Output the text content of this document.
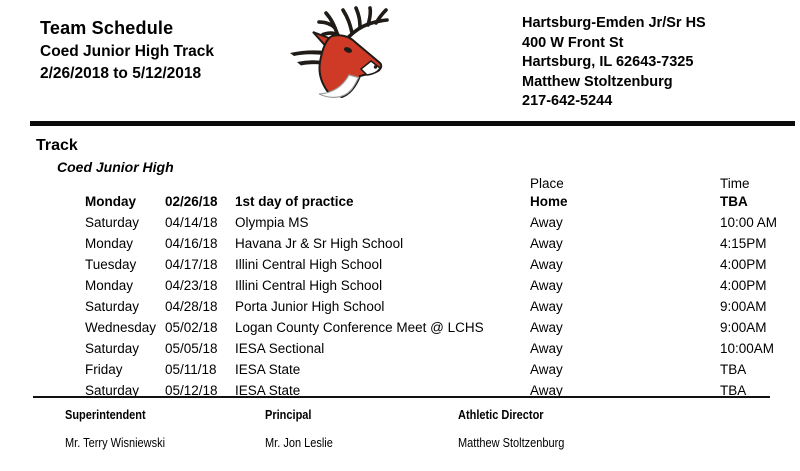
Team Schedule
Coed Junior High Track
2/26/2018 to 5/12/2018
Hartsburg-Emden Jr/Sr HS
400 W Front St
Hartsburg, IL 62643-7325
Matthew Stoltzenburg
217-642-5244
Track
Coed Junior High
Place	Time
Monday	02/26/18	1st day of practice	Home	TBA
Saturday	04/14/18	Olympia MS	Away	10:00 AM
Monday	04/16/18	Havana Jr & Sr High School	Away	4:15PM
Tuesday	04/17/18	Illini Central High School	Away	4:00PM
Monday	04/23/18	Illini Central High School	Away	4:00PM
Saturday	04/28/18	Porta Junior High School	Away	9:00AM
Wednesday 05/02/18	Logan County Conference Meet @ LCHS	Away	9:00AM
Saturday	05/05/18	IESA Sectional	Away	10:00AM
Friday	05/11/18	IESA State	Away	TBA
Saturday	05/12/18	IESA State	Away	TBA
Superintendent
Mr. Terry Wisniewski
Principal
Mr. Jon Leslie
Athletic Director
Matthew Stoltzenburg
